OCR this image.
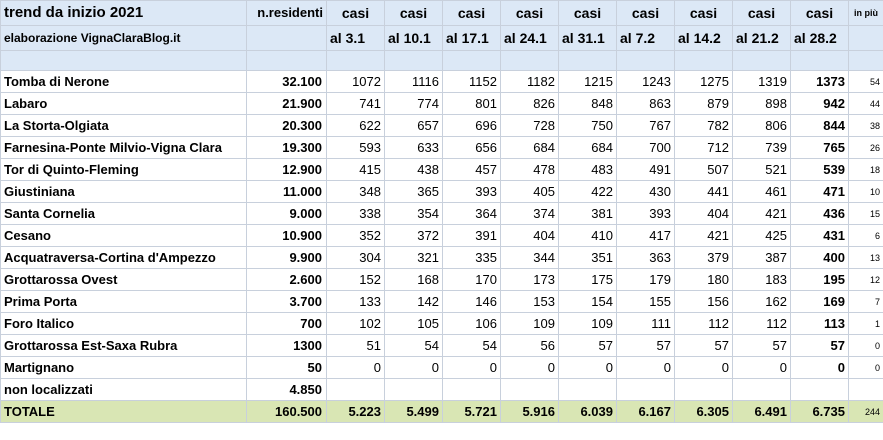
trend da inizio 2021	n.residenti	casi	casi	casi	casi	casi	casi	casi	casi	casi	in più
elaborazione VignaClaraBlog.it		al 3.1	al 10.1	al 17.1	al 24.1	al 31.1	al 7.2	al 14.2	al 21.2	al 28.2	

Tomba di Nerone	32.100	1072	1116	1152	1182	1215	1243	1275	1319	1373	54
Labaro	21.900	741	774	801	826	848	863	879	898	942	44
La Storta-Olgiata	20.300	622	657	696	728	750	767	782	806	844	38
Farnesina-Ponte Milvio-Vigna Clara	19.300	593	633	656	684	684	700	712	739	765	26
Tor di Quinto-Fleming	12.900	415	438	457	478	483	491	507	521	539	18
Giustiniana	11.000	348	365	393	405	422	430	441	461	471	10
Santa Cornelia	9.000	338	354	364	374	381	393	404	421	436	15
Cesano	10.900	352	372	391	404	410	417	421	425	431	6
Acquatraversa-Cortina d'Ampezzo	9.900	304	321	335	344	351	363	379	387	400	13
Grottarossa Ovest	2.600	152	168	170	173	175	179	180	183	195	12
Prima Porta	3.700	133	142	146	153	154	155	156	162	169	7
Foro Italico	700	102	105	106	109	109	111	112	112	113	1
Grottarossa Est-Saxa Rubra	1300	51	54	54	56	57	57	57	57	57	0
Martignano	50	0	0	0	0	0	0	0	0	0	0
non localizzati	4.850										
TOTALE	160.500	5.223	5.499	5.721	5.916	6.039	6.167	6.305	6.491	6.735	244
